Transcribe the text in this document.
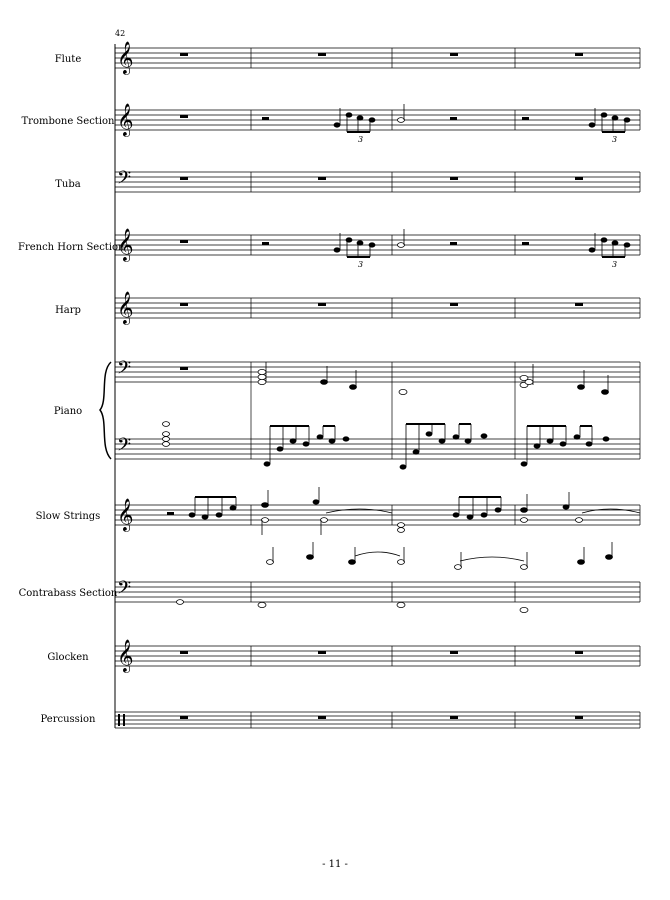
42
Flute
Trombone Section
Tuba
French Horn Section
Harp
Piano
Slow Strings
Contrabass Section
Glocken
Percussion
𝄞
𝄞
𝄢
𝄞
𝄞
𝄢
𝄢
𝄞
𝄢
𝄞
3	3
3	3
- 11 -
